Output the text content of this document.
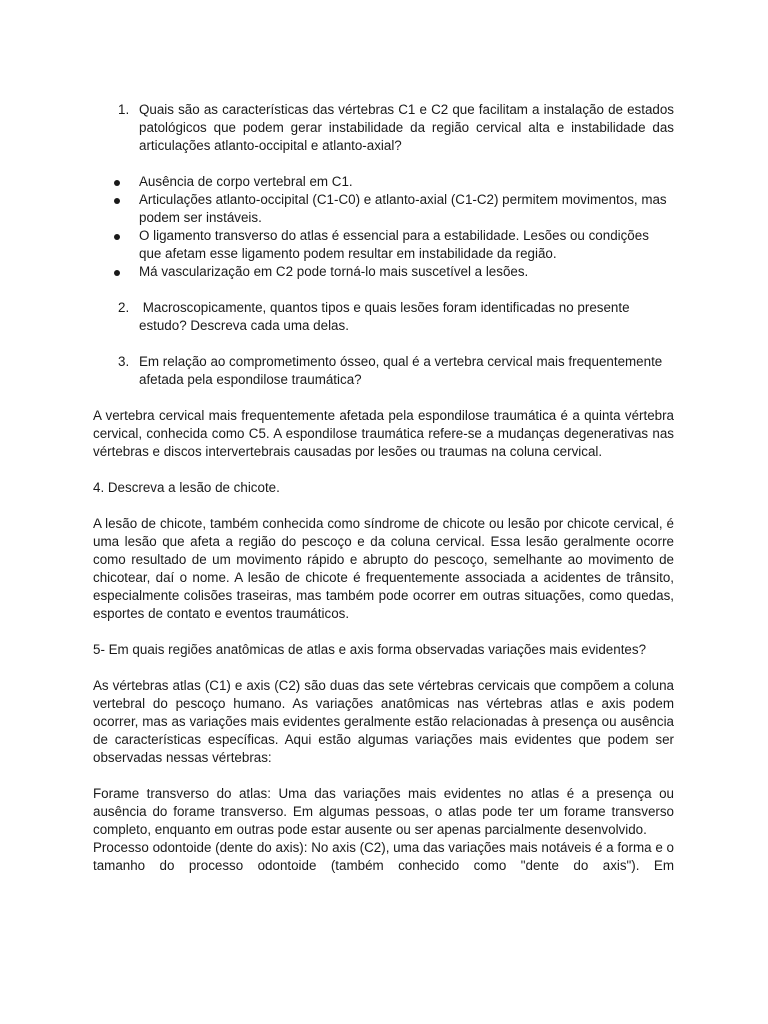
1. Quais são as características das vértebras C1 e C2 que facilitam a instalação de estados patológicos que podem gerar instabilidade da região cervical alta e instabilidade das articulações atlanto-occipital e atlanto-axial?
Ausência de corpo vertebral em C1.
Articulações atlanto-occipital (C1-C0) e atlanto-axial (C1-C2) permitem movimentos, mas podem ser instáveis.
O ligamento transverso do atlas é essencial para a estabilidade. Lesões ou condições que afetam esse ligamento podem resultar em instabilidade da região.
Má vascularização em C2 pode torná-lo mais suscetível a lesões.
2. Macroscopicamente, quantos tipos e quais lesões foram identificadas no presente estudo? Descreva cada uma delas.
3. Em relação ao comprometimento ósseo, qual é a vertebra cervical mais frequentemente afetada pela espondilose traumática?

A vertebra cervical mais frequentemente afetada pela espondilose traumática é a quinta vértebra cervical, conhecida como C5. A espondilose traumática refere-se a mudanças degenerativas nas vértebras e discos intervertebrais causadas por lesões ou traumas na coluna cervical.

4. Descreva a lesão de chicote.

A lesão de chicote, também conhecida como síndrome de chicote ou lesão por chicote cervical, é uma lesão que afeta a região do pescoço e da coluna cervical. Essa lesão geralmente ocorre como resultado de um movimento rápido e abrupto do pescoço, semelhante ao movimento de chicotear, daí o nome. A lesão de chicote é frequentemente associada a acidentes de trânsito, especialmente colisões traseiras, mas também pode ocorrer em outras situações, como quedas, esportes de contato e eventos traumáticos.

5- Em quais regiões anatômicas de atlas e axis forma observadas variações mais evidentes?

As vértebras atlas (C1) e axis (C2) são duas das sete vértebras cervicais que compõem a coluna vertebral do pescoço humano. As variações anatômicas nas vértebras atlas e axis podem ocorrer, mas as variações mais evidentes geralmente estão relacionadas à presença ou ausência de características específicas. Aqui estão algumas variações mais evidentes que podem ser observadas nessas vértebras:

Forame transverso do atlas: Uma das variações mais evidentes no atlas é a presença ou ausência do forame transverso. Em algumas pessoas, o atlas pode ter um forame transverso completo, enquanto em outras pode estar ausente ou ser apenas parcialmente desenvolvido.

Processo odontoide (dente do axis): No axis (C2), uma das variações mais notáveis é a forma e o tamanho do processo odontoide (também conhecido como "dente do axis"). Em
